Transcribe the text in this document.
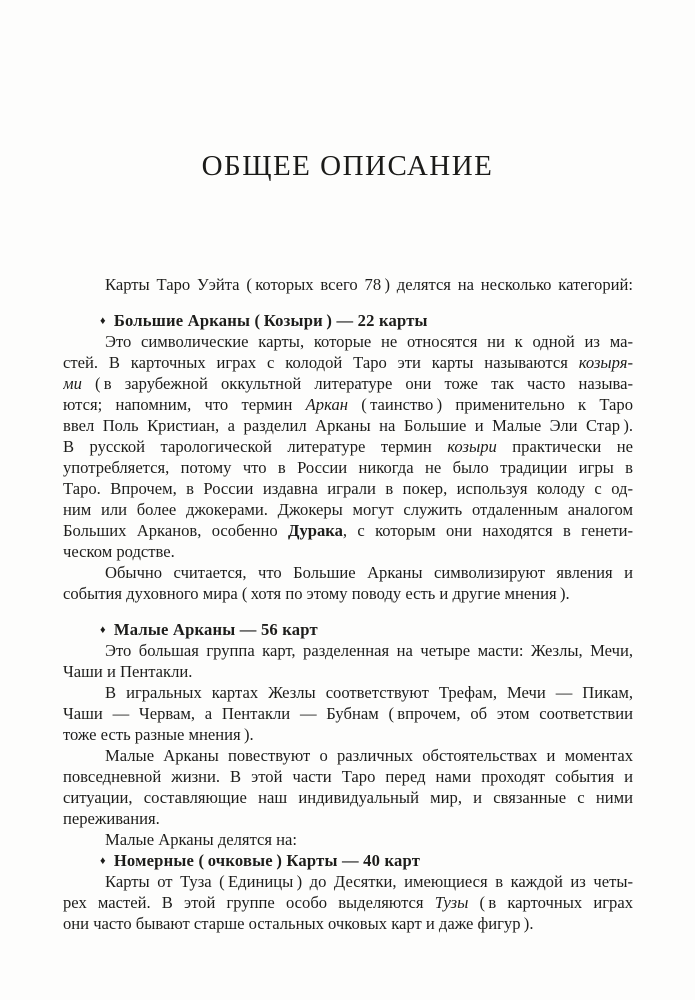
ОБЩЕЕ ОПИСАНИЕ
Карты Таро Уэйта ( которых всего 78 ) делятся на несколько категорий:
♦ Большие Арканы ( Козыри ) — 22 карты
Это символические карты, которые не относятся ни к одной из ма-
стей. В карточных играх с колодой Таро эти карты называются козыря-
ми ( в зарубежной оккультной литературе они тоже так часто называ-
ются; напомним, что термин Аркан ( таинство ) применительно к Таро
ввел Поль Кристиан, а разделил Арканы на Большие и Малые Эли Стар ).
В русской тарологической литературе термин козыри практически не
употребляется, потому что в России никогда не было традиции игры в
Таро. Впрочем, в России издавна играли в покер, используя колоду с од-
ним или более джокерами. Джокеры могут служить отдаленным аналогом
Больших Арканов, особенно Дурака, с которым они находятся в генети-
ческом родстве.
Обычно считается, что Большие Арканы символизируют явления и
события духовного мира ( хотя по этому поводу есть и другие мнения ).
♦ Малые Арканы — 56 карт
Это большая группа карт, разделенная на четыре масти: Жезлы, Мечи,
Чаши и Пентакли.
В игральных картах Жезлы соответствуют Трефам, Мечи — Пикам,
Чаши — Червам, а Пентакли — Бубнам ( впрочем, об этом соответствии
тоже есть разные мнения ).
Малые Арканы повествуют о различных обстоятельствах и моментах
повседневной жизни. В этой части Таро перед нами проходят события и
ситуации, составляющие наш индивидуальный мир, и связанные с ними
переживания.
Малые Арканы делятся на:
♦ Номерные ( очковые ) Карты — 40 карт
Карты от Туза ( Единицы ) до Десятки, имеющиеся в каждой из четы-
рех мастей. В этой группе особо выделяются Тузы ( в карточных играх
они часто бывают старше остальных очковых карт и даже фигур ).
